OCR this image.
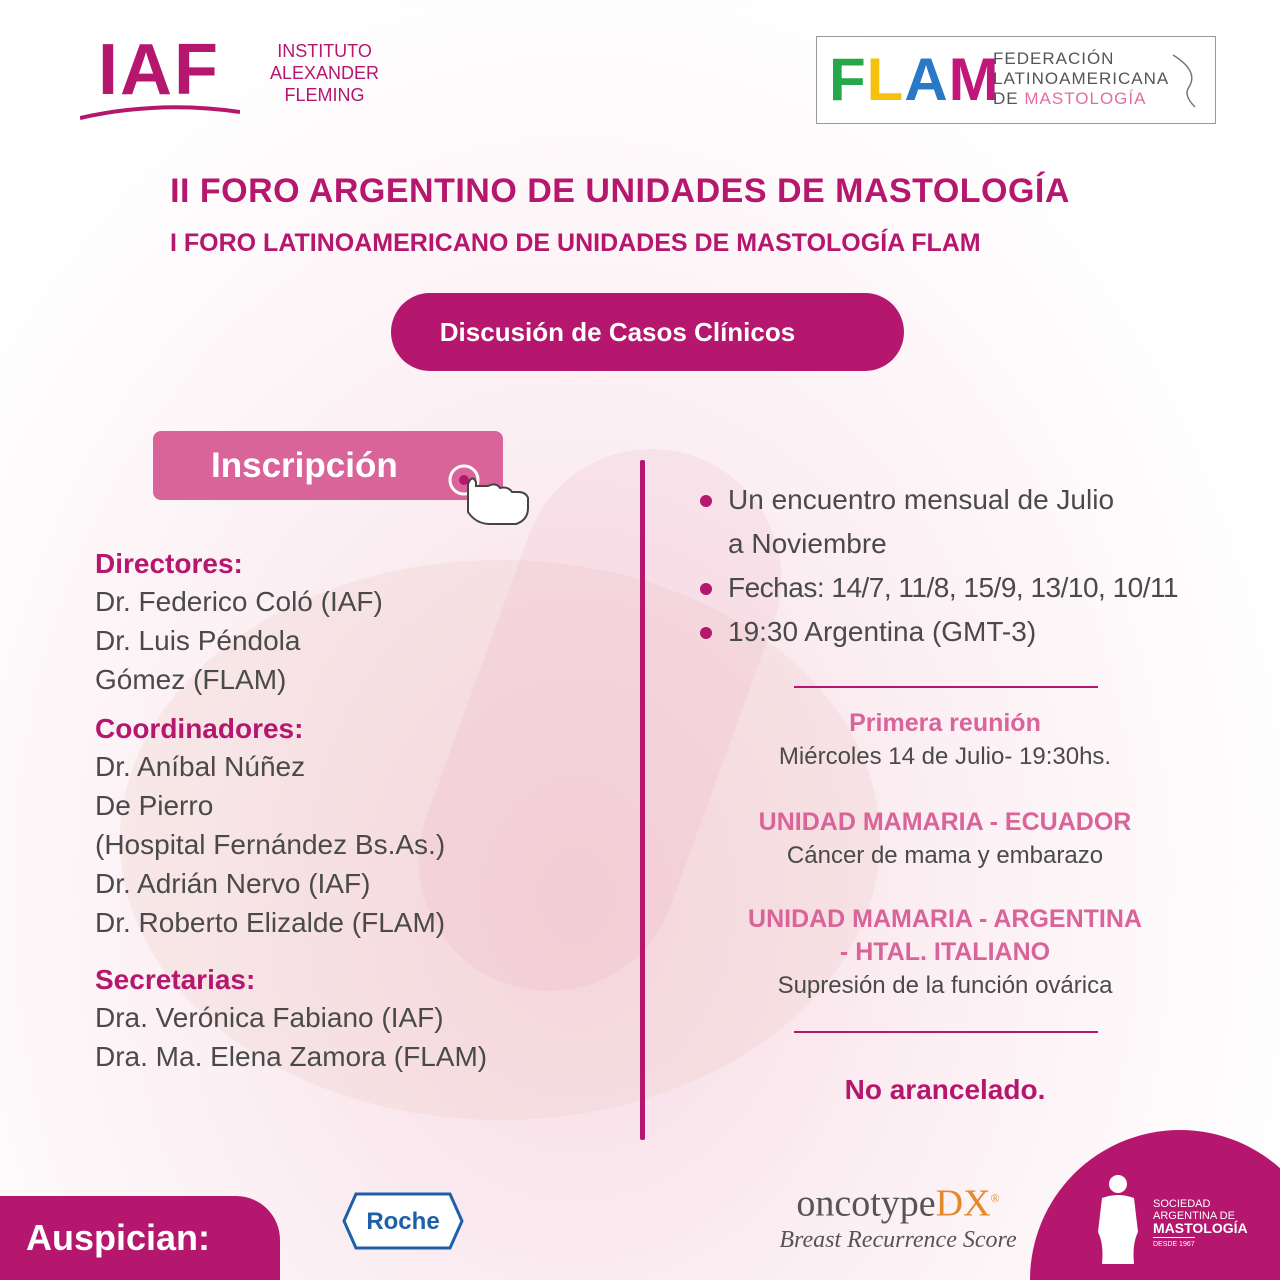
IAF	INSTITUTO
ALEXANDER
FLEMING	FLAM
FEDERACIÓN
LATINOAMERICANA
DE MASTOLOGÍA
II FORO ARGENTINO DE UNIDADES DE MASTOLOGÍA
I FORO LATINOAMERICANO DE UNIDADES DE MASTOLOGÍA FLAM
Discusión de Casos Clínicos
Inscripción
Directores:
Dr. Federico Coló (IAF)
Dr. Luis Péndola
Gómez (FLAM)
Coordinadores:
Dr. Aníbal Núñez
De Pierro
(Hospital Fernández Bs.As.)
Dr. Adrián Nervo (IAF)
Dr. Roberto Elizalde (FLAM)
Secretarias:
Dra. Verónica Fabiano (IAF)
Dra. Ma. Elena Zamora (FLAM)
Un encuentro mensual de Julio
a Noviembre
Fechas: 14/7, 11/8, 15/9, 13/10, 10/11
19:30 Argentina (GMT-3)
Primera reunión
Miércoles 14 de Julio- 19:30hs.
UNIDAD MAMARIA - ECUADOR
Cáncer de mama y embarazo
UNIDAD MAMARIA - ARGENTINA
- HTAL. ITALIANO
Supresión de la función ovárica
No arancelado.
Auspician:	Roche	oncotypeDX®
Breast Recurrence Score
SOCIEDAD
ARGENTINA DE
MASTOLOGÍA
DESDE 1967
